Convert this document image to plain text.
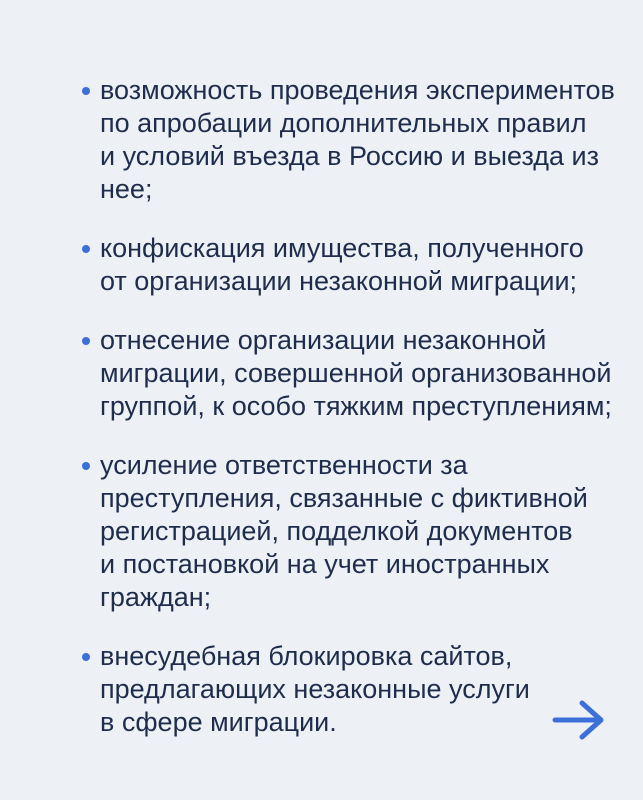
возможность проведения экспериментов
по апробации дополнительных правил
и условий въезда в Россию и выезда из
нее;
конфискация имущества, полученного
от организации незаконной миграции;
отнесение организации незаконной
миграции, совершенной организованной
группой, к особо тяжким преступлениям;
усиление ответственности за
преступления, связанные с фиктивной
регистрацией, подделкой документов
и постановкой на учет иностранных
граждан;
внесудебная блокировка сайтов,
предлагающих незаконные услуги
в сфере миграции.
